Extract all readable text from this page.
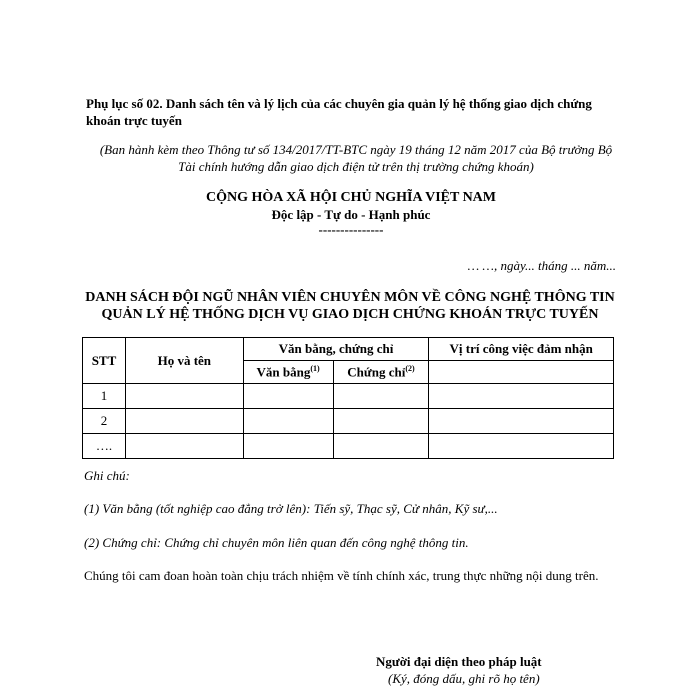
Phụ lục số 02. Danh sách tên và lý lịch của các chuyên gia quản lý hệ thống giao dịch chứng khoán trực tuyến
(Ban hành kèm theo Thông tư số 134/2017/TT-BTC ngày 19 tháng 12 năm 2017 của Bộ trưởng Bộ Tài chính hướng dẫn giao dịch điện tử trên thị trường chứng khoán)
CỘNG HÒA XÃ HỘI CHỦ NGHĨA VIỆT NAM
Độc lập - Tự do - Hạnh phúc
---------------
… …, ngày... tháng ... năm...
DANH SÁCH ĐỘI NGŨ NHÂN VIÊN CHUYÊN MÔN VỀ CÔNG NGHỆ THÔNG TIN QUẢN LÝ HỆ THỐNG DỊCH VỤ GIAO DỊCH CHỨNG KHOÁN TRỰC TUYẾN
STT	Họ và tên	Văn bằng, chứng chỉ		Vị trí công việc đảm nhận
		Văn bằng$^{(1)}$	Chứng chỉ$^{(2)}$	
1				
2				
….				
Ghi chú:
(1) Văn bằng (tốt nghiệp cao đẳng trở lên): Tiến sỹ, Thạc sỹ, Cử nhân, Kỹ sư,...
(2) Chứng chỉ: Chứng chỉ chuyên môn liên quan đến công nghệ thông tin.
Chúng tôi cam đoan hoàn toàn chịu trách nhiệm về tính chính xác, trung thực những nội dung trên.
Người đại diện theo pháp luật
(Ký, đóng dấu, ghi rõ họ tên)
